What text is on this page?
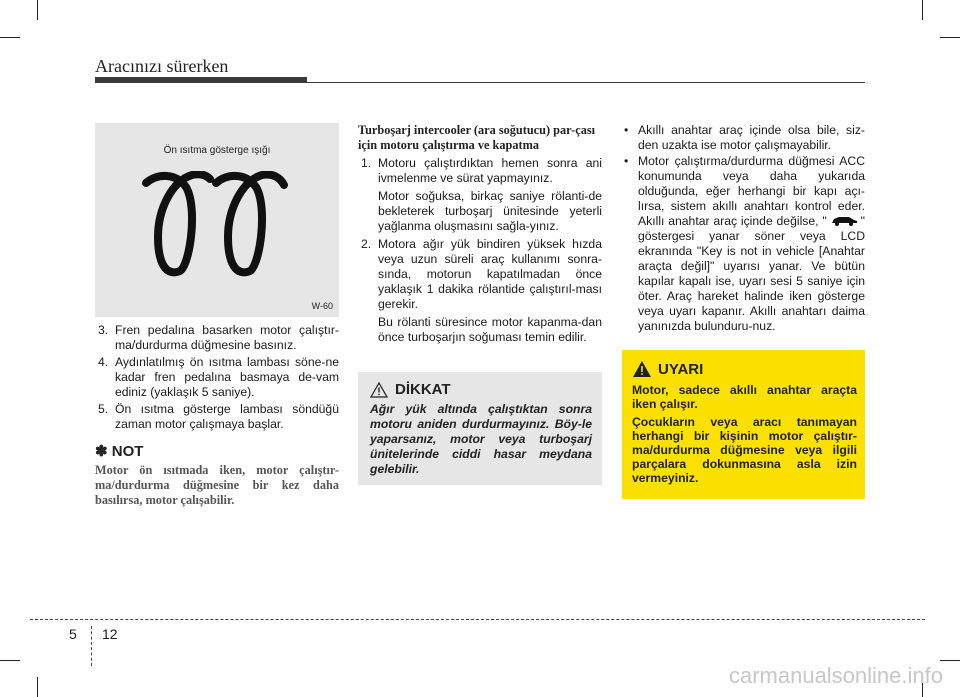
Aracınızı sürerken
Ön ısıtma gösterge ışığı
W-60
3. Fren pedalına basarken motor çalıştır-ma/durdurma düğmesine basınız.
4. Aydınlatılmış ön ısıtma lambası söne-ne kadar fren pedalına basmaya de-vam ediniz (yaklaşık 5 saniye).
5. Ön ısıtma gösterge lambası söndüğü zaman motor çalışmaya başlar.
✽ NOT
Motor ön ısıtmada iken, motor çalıştır-ma/durdurma düğmesine bir kez daha basılırsa, motor çalışabilir.
Turboşarj intercooler (ara soğutucu) par-çası için motoru çalıştırma ve kapatma
1. Motoru çalıştırdıktan hemen sonra ani ivmelenme ve sürat yapmayınız.
Motor soğuksa, birkaç saniye rölanti-de bekleterek turboşarj ünitesinde yeterli yağlanma oluşmasını sağla-yınız.
2. Motora ağır yük bindiren yüksek hızda veya uzun süreli araç kullanımı sonra-sında, motorun kapatılmadan önce yaklaşık 1 dakika rölantide çalıştırıl-ması gerekir.
Bu rölanti süresince motor kapanma-dan önce turboşarjın soğuması temin edilir.
DİKKAT
Ağır yük altında çalıştıktan sonra motoru aniden durdurmayınız. Böy-le yaparsanız, motor veya turboşarj ünitelerinde ciddi hasar meydana gelebilir.
• Akıllı anahtar araç içinde olsa bile, siz-den uzakta ise motor çalışmayabilir.
• Motor çalıştırma/durdurma düğmesi ACC konumunda veya daha yukarıda olduğunda, eğer herhangi bir kapı açı-lırsa, sistem akıllı anahtarı kontrol eder. Akıllı anahtar araç içinde değilse, "	" göstergesi yanar söner veya LCD ekranında "Key is not in vehicle [Anahtar araçta değil]" uyarısı yanar. Ve bütün kapılar kapalı ise, uyarı sesi 5 saniye için öter. Araç hareket halinde iken gösterge veya uyarı kapanır. Akıllı anahtarı daima yanınızda bulunduru-nuz.
UYARI
Motor, sadece akıllı anahtar araçta iken çalışır.
Çocukların veya aracı tanımayan herhangi bir kişinin motor çalıştır-ma/durdurma düğmesine veya ilgili parçalara dokunmasına asla izin vermeyiniz.
5 12
carmanualsonline.info
